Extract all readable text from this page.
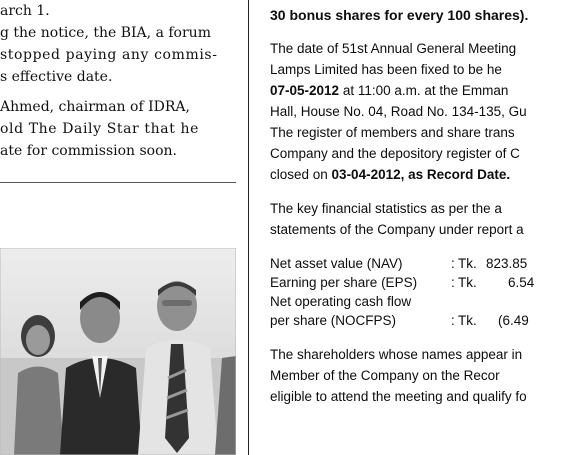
arch 1.

g the notice, the BIA, a forum

stopped paying any commis-

s effective date.

Ahmed, chairman of IDRA,

old The Daily Star that he

ate for commission soon.

30 bonus shares for every 100 shares).
The date of 51st Annual General Meeting
Lamps Limited has been fixed to be he
07-05-2012 at 11:00 a.m. at the Emman
Hall, House No. 04, Road No. 134-135, Gu
The register of members and share trans
Company and the depository register of C
closed on 03-04-2012, as Record Date.
The key financial statistics as per the a
statements of the Company under report a
Net asset value (NAV)	: Tk. 823.85
Earning per share (EPS)	: Tk. 6.54
Net operating cash flow
per share (NOCFPS)	: Tk. (6.49
The shareholders whose names appear in
Member of the Company on the Recor
eligible to attend the meeting and qualify fo
